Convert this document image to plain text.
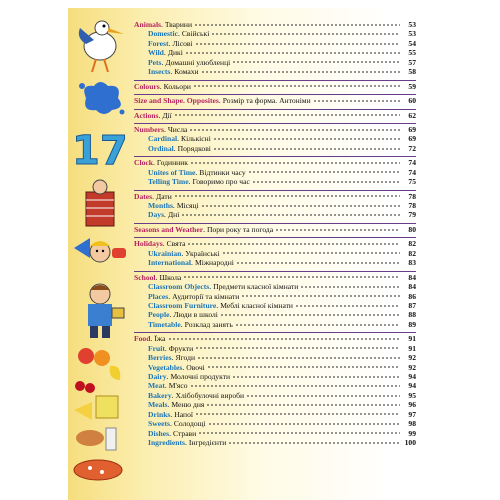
17
Animals . Тварини	53
Domestic . Свійські	53
Forest . Лісові	54
Wild . Дикі	55
Pets . Домашні улюбленці	57
Insects . Комахи	58
Colours . Кольори	59
Size and Shape. Opposites . Розмір та форма. Антоніми	60
Actions . Дії	62
Numbers . Числа	69
Cardinal . Кількісні	69
Ordinal . Порядкові	72
Clock . Годинник	74
Unites of Time . Відтинки часу	74
Telling Time . Говоримо про час	75
Dates . Дати	78
Months . Місяці	78
Days . Дні	79
Seasons and Weather . Пори року та погода	80
Holidays . Свята	82
Ukrainian . Українські	82
International . Міжнародні	83
School . Школа	84
Classroom Objects . Предмети класної кімнати	84
Places . Аудиторії та кімнати	86
Classroom Furniture . Меблі класної кімнати	87
People . Люди в школі	88
Timetable . Розклад занять	89
Food . Їжа	91
Fruit . Фрукти	91
Berries . Ягоди	92
Vegetables . Овочі	92
Dairy . Молочні продукти	94
Meat . М'ясо	94
Bakery . Хлібобулочні вироби	95
Meals . Меню дня	96
Drinks . Напої	97
Sweets . Солодощі	98
Dishes . Страви	99
Ingredients . Інгредієнти	100
